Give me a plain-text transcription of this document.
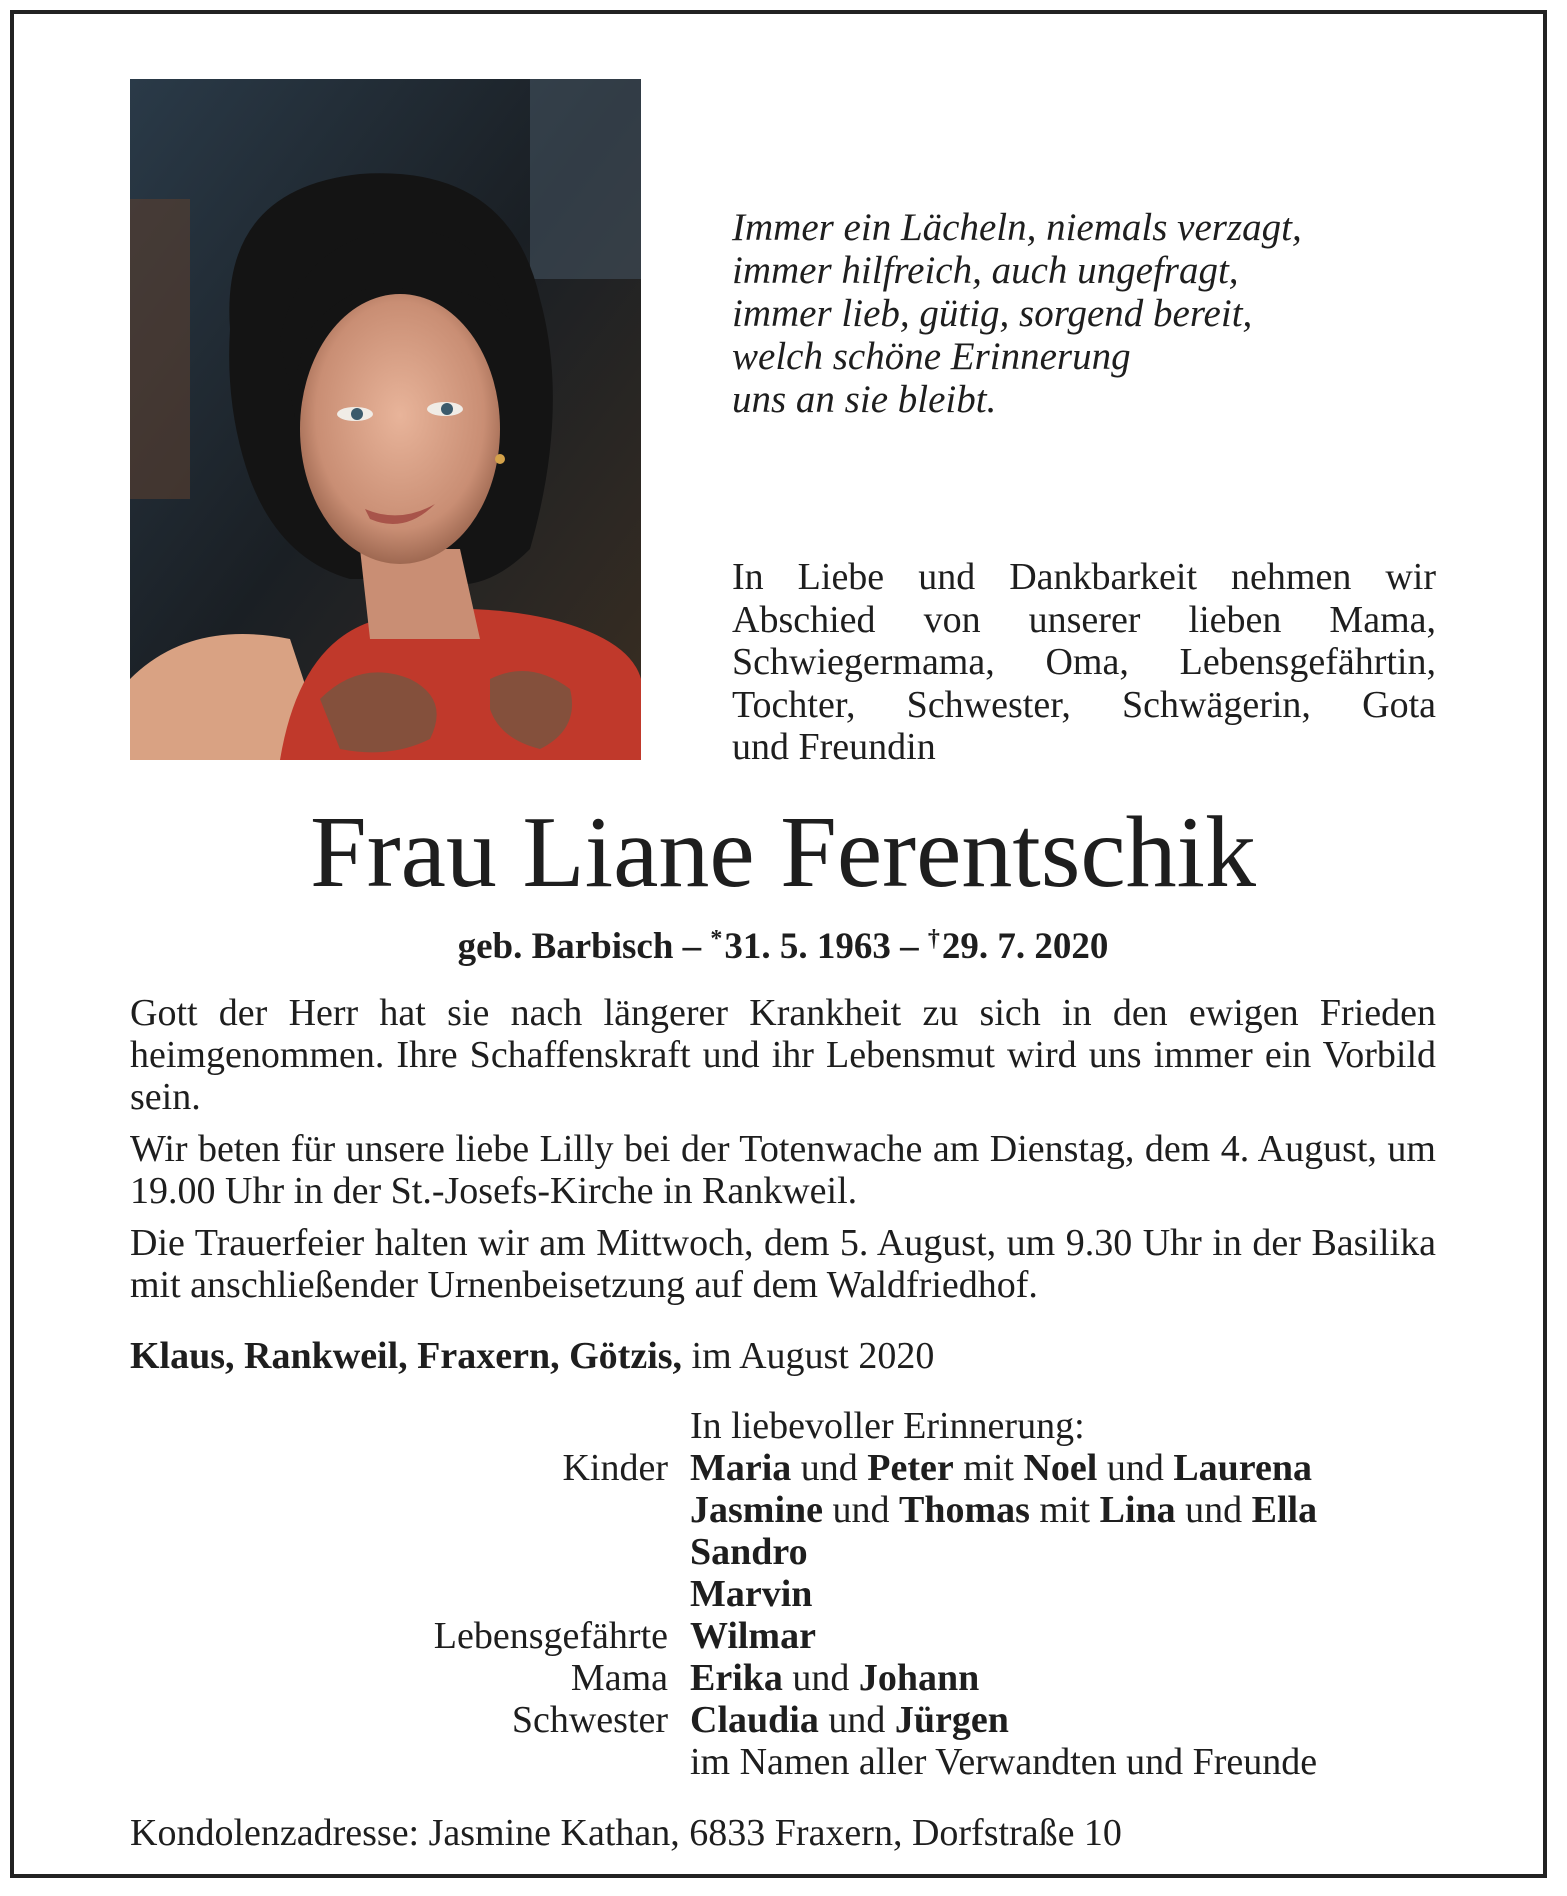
Immer ein Lächeln, niemals verzagt,
immer hilfreich, auch ungefragt,
immer lieb, gütig, sorgend bereit,
welch schöne Erinnerung
uns an sie bleibt.
In Liebe und Dankbarkeit nehmen wir
Abschied von unserer lieben Mama,
Schwiegermama, Oma, Lebensgefährtin,
Tochter, Schwester, Schwägerin, Gota
und Freundin
Frau Liane Ferentschik
geb. Barbisch – *31. 5. 1963 – †29. 7. 2020

Gott der Herr hat sie nach längerer Krankheit zu sich in den ewigen Frieden heimgenommen. Ihre Schaffenskraft und ihr Lebensmut wird uns immer ein Vorbild sein.

Wir beten für unsere liebe Lilly bei der Totenwache am Dienstag, dem 4. August, um 19.00 Uhr in der St.-Josefs-Kirche in Rankweil.

Die Trauerfeier halten wir am Mittwoch, dem 5. August, um 9.30 Uhr in der Basilika mit anschließender Urnenbeisetzung auf dem Waldfriedhof.

Klaus, Rankweil, Fraxern, Götzis, im August 2020
In liebevoller Erinnerung:
Kinder Maria und Peter mit Noel und Laurena
Jasmine und Thomas mit Lina und Ella
Sandro
Marvin
Lebensgefährte Wilmar
Mama Erika und Johann
Schwester Claudia und Jürgen
im Namen aller Verwandten und Freunde
Kondolenzadresse: Jasmine Kathan, 6833 Fraxern, Dorfstraße 10
